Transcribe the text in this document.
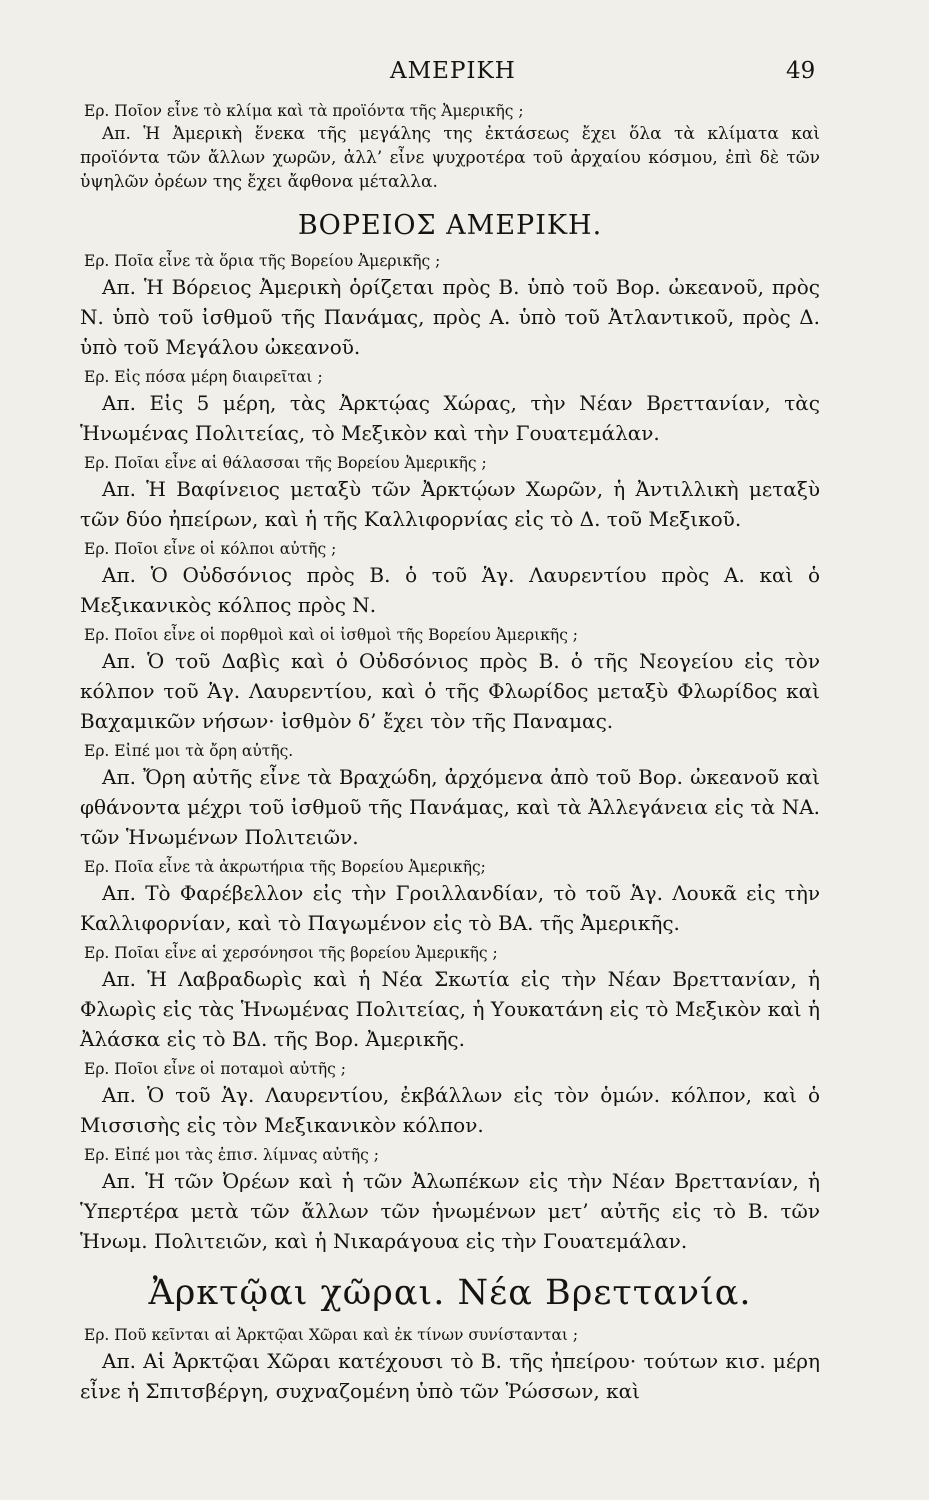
ΑΜΕΡΙΚΗ	49

Ερ. Ποῖον εἶνε τὸ κλίμα καὶ τὰ προϊόντα τῆς Ἀμερικῆς ;

Απ. Ἡ Ἀμερικὴ ἕνεκα τῆς μεγάλης της ἐκτάσεως ἔχει ὅλα τὰ κλίματα καὶ προϊόντα τῶν ἄλλων χωρῶν, ἀλλ’ εἶνε ψυχροτέρα τοῦ ἀρχαίου κόσμου, ἐπὶ δὲ τῶν ὑψηλῶν ὀρέων της ἔχει ἄφθονα μέταλλα.

ΒΟΡΕΙΟΣ ΑΜΕΡΙΚΗ.

Ερ. Ποῖα εἶνε τὰ ὅρια τῆς Βορείου Ἀμερικῆς ;

Απ. Ἡ Βόρειος Ἀμερικὴ ὁρίζεται πρὸς Β. ὑπὸ τοῦ Βορ. ὠκεανοῦ, πρὸς Ν. ὑπὸ τοῦ ἰσθμοῦ τῆς Πανάμας, πρὸς Α. ὑπὸ τοῦ Ἀτλαντικοῦ, πρὸς Δ. ὑπὸ τοῦ Μεγάλου ὠκεανοῦ.

Ερ. Εἰς πόσα μέρη διαιρεῖται ;

Απ. Εἰς 5 μέρη, τὰς Ἀρκτῴας Χώρας, τὴν Νέαν Βρεττανίαν, τὰς Ἡνωμένας Πολιτείας, τὸ Μεξικὸν καὶ τὴν Γουατεμάλαν.

Ερ. Ποῖαι εἶνε αἱ θάλασσαι τῆς Βορείου Ἀμερικῆς ;

Απ. Ἡ Βαφίνειος μεταξὺ τῶν Ἀρκτῴων Χωρῶν, ἡ Ἀντιλλικὴ μεταξὺ τῶν δύο ἠπείρων, καὶ ἡ τῆς Καλλιφορνίας εἰς τὸ Δ. τοῦ Μεξικοῦ.

Ερ. Ποῖοι εἶνε οἱ κόλποι αὐτῆς ;

Απ. Ὁ Οὐδσόνιος πρὸς Β. ὁ τοῦ Ἁγ. Λαυρεντίου πρὸς Α. καὶ ὁ Μεξικανικὸς κόλπος πρὸς Ν.

Ερ. Ποῖοι εἶνε οἱ πορθμοὶ καὶ οἱ ἰσθμοὶ τῆς Βορείου Ἀμερικῆς ;

Απ. Ὁ τοῦ Δαβὶς καὶ ὁ Οὐδσόνιος πρὸς Β. ὁ τῆς Νεογείου εἰς τὸν κόλπον τοῦ Ἁγ. Λαυρεντίου, καὶ ὁ τῆς Φλωρίδος μεταξὺ Φλωρίδος καὶ Βαχαμικῶν νήσων· ἰσθμὸν δ’ ἔχει τὸν τῆς Παναμας.

Ερ. Εἰπέ μοι τὰ ὄρη αὐτῆς.

Απ. Ὄρη αὐτῆς εἶνε τὰ Βραχώδη, ἀρχόμενα ἀπὸ τοῦ Βορ. ὠκεανοῦ καὶ φθάνοντα μέχρι τοῦ ἰσθμοῦ τῆς Πανάμας, καὶ τὰ Ἀλλεγάνεια εἰς τὰ ΝΑ. τῶν Ἡνωμένων Πολιτειῶν.

Ερ. Ποῖα εἶνε τὰ ἀκρωτήρια τῆς Βορείου Ἀμερικῆς;

Απ. Τὸ Φαρέβελλον εἰς τὴν Γροιλλανδίαν, τὸ τοῦ Ἁγ. Λουκᾶ εἰς τὴν Καλλιφορνίαν, καὶ τὸ Παγωμένον εἰς τὸ ΒΑ. τῆς Ἀμερικῆς.

Ερ. Ποῖαι εἶνε αἱ χερσόνησοι τῆς βορείου Ἀμερικῆς ;

Απ. Ἡ Λαβραδωρὶς καὶ ἡ Νέα Σκωτία εἰς τὴν Νέαν Βρεττανίαν, ἡ Φλωρὶς εἰς τὰς Ἡνωμένας Πολιτείας, ἡ Υουκατάνη εἰς τὸ Μεξικὸν καὶ ἡ Ἀλάσκα εἰς τὸ ΒΔ. τῆς Βορ. Ἀμερικῆς.

Ερ. Ποῖοι εἶνε οἱ ποταμοὶ αὐτῆς ;

Απ. Ὁ τοῦ Ἁγ. Λαυρεντίου, ἐκβάλλων εἰς τὸν ὁμών. κόλπον, καὶ ὁ Μισσισὴς εἰς τὸν Μεξικανικὸν κόλπον.

Ερ. Εἰπέ μοι τὰς ἐπισ. λίμνας αὐτῆς ;

Απ. Ἡ τῶν Ὀρέων καὶ ἡ τῶν Ἀλωπέκων εἰς τὴν Νέαν Βρεττανίαν, ἡ Ὑπερτέρα μετὰ τῶν ἄλλων τῶν ἡνωμένων μετ’ αὐτῆς εἰς τὸ Β. τῶν Ἡνωμ. Πολιτειῶν, καὶ ἡ Νικαράγουα εἰς τὴν Γουατεμάλαν.

Ἀρκτῷαι χῶραι. Νέα Βρεττανία.

Ερ. Ποῦ κεῖνται αἱ Ἀρκτῷαι Χῶραι καὶ ἐκ τίνων συνίστανται ;

Απ. Αἱ Ἀρκτῷαι Χῶραι κατέχουσι τὸ Β. τῆς ἠπείρου· τούτων κισ. μέρη εἶνε ἡ Σπιτσβέργη, συχναζομένη ὑπὸ τῶν Ῥώσσων, καὶ
